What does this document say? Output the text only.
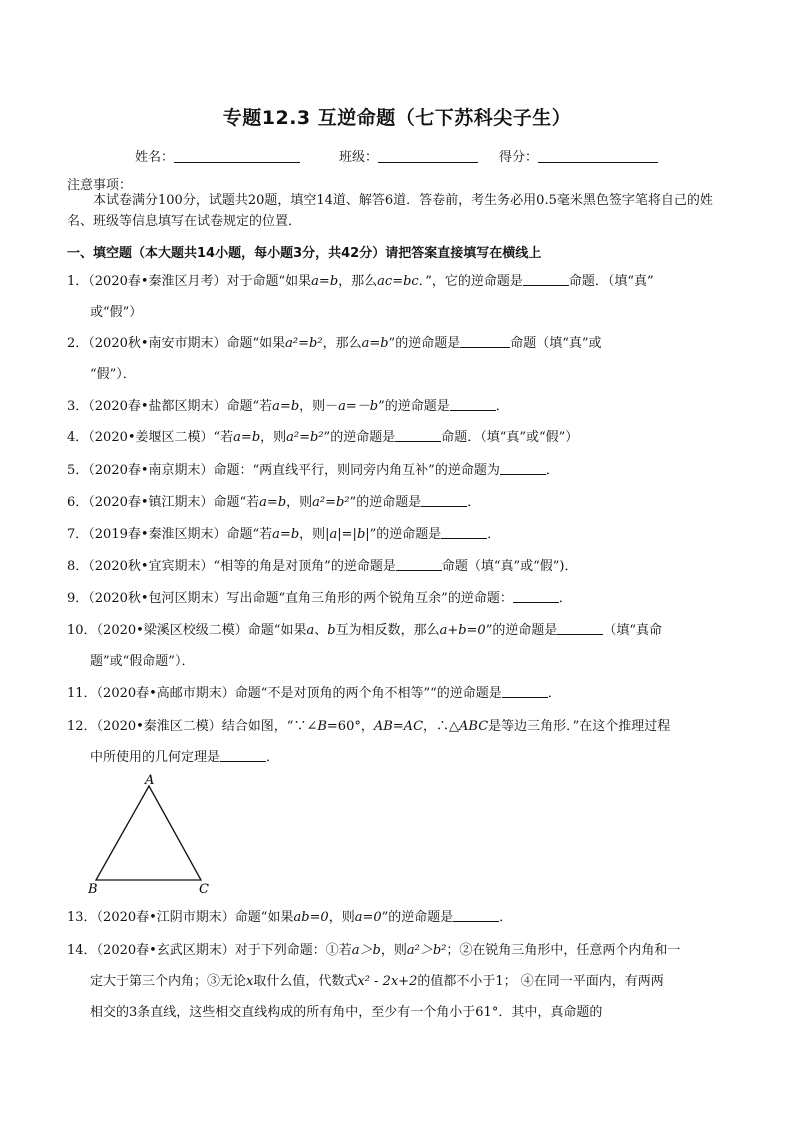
专题12.3 互逆命题（七下苏科尖子生）
姓名：	班级：	得分：
注意事项：
本试卷满分100分，试题共20题，填空14道、解答6道．答卷前，考生务必用0.5毫米黑色签字笔将自己的姓名、班级等信息填写在试卷规定的位置．
一、填空题（本大题共14小题，每小题3分，共42分）请把答案直接填写在横线上
1．（2020春•秦淮区月考）对于命题“如果a=b，那么ac=bc．”，它的逆命题是	命题．（填“真”
或“假”）
2．（2020秋•南安市期末）命题“如果a²=b²，那么a=b”的逆命题是	命题（填“真”或
“假”）．
3．（2020春•盐都区期末）命题“若a=b，则－a=－b”的逆命题是	．
4．（2020•姜堰区二模）“若a=b，则a²=b²”的逆命题是	命题．（填“真”或“假”）
5．（2020春•南京期末）命题：“两直线平行，则同旁内角互补”的逆命题为	．
6．（2020春•镇江期末）命题“若a=b，则a²=b²”的逆命题是	．
7．（2019春•秦淮区期末）命题“若a=b，则|a|=|b|”的逆命题是	．
8．（2020秋•宜宾期末）“相等的角是对顶角”的逆命题是	命题（填“真”或“假”)．
9．（2020秋•包河区期末）写出命题“直角三角形的两个锐角互余”的逆命题：	．
10．（2020•梁溪区校级二模）命题“如果a、b互为相反数，那么a+b=0”的逆命题是	（填“真命
题”或“假命题”）．
11．（2020春•高邮市期末）命题“不是对顶角的两个角不相等”“的逆命题是	．
12．（2020•秦淮区二模）结合如图，“∵∠B=60°，AB=AC，∴△ABC是等边三角形．”在这个推理过程
中所使用的几何定理是	．
A
B	C
13．（2020春•江阴市期末）命题“如果ab=0，则a=0”的逆命题是	．
14．（2020春•玄武区期末）对于下列命题：①若a＞b，则a²＞b²；②在锐角三角形中，任意两个内角和一
定大于第三个内角；③无论x取什么值，代数式x² - 2x+2的值都不小于1； ④在同一平面内，有两两
相交的3条直线，这些相交直线构成的所有角中，至少有一个角小于61°．其中，真命题的
